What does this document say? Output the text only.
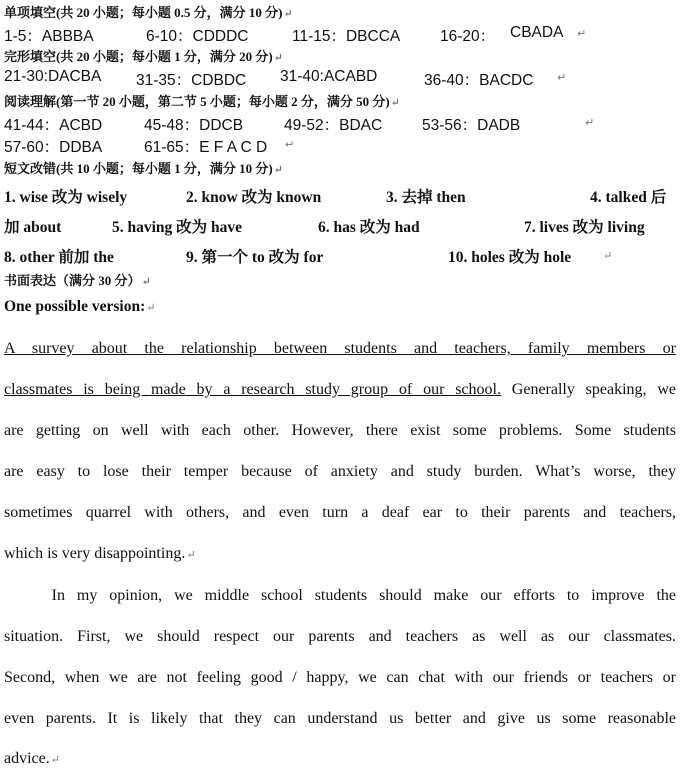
单项填空(共 20 小题；每小题 0.5 分，满分 10 分)↵
1-5：ABBBA	6-10：CDDDC	11-15：DBCCA	16-20： CBADA ↵
完形填空(共 20 小题；每小题 1 分，满分 20 分)↵
21-30:DACBA 31-35：CDBDC 31-40:ACABD	36-40：BACDC ↵
阅读理解(第一节 20 小题，第二节 5 小题；每小题 2 分，满分 50 分)↵
41-44：ACBD	45-48：DDCB	49-52：BDAC	53-56：DADB	↵
57-60：DDBA	61-65：E F A C D ↵
短文改错(共 10 小题；每小题 1 分，满分 10 分)↵
1. wise 改为 wisely	2. know 改为 known	3. 去掉 then	4. talked 后
加 about	5. having 改为 have	6. has 改为 had	7. lives 改为 living
8. other 前加 the	9. 第一个 to 改为 for	10. holes 改为 hole	↵
书面表达（满分 30 分）↵
One possible version:↵
A survey about the relationship between students and teachers, family members or
classmates is being made by a research study group of our school. Generally speaking, we
are getting on well with each other. However, there exist some problems. Some students
are easy to lose their temper because of anxiety and study burden. What’s worse, they
sometimes quarrel with others, and even turn a deaf ear to their parents and teachers,
which is very disappointing.↵
In my opinion, we middle school students should make our efforts to improve the
situation. First, we should respect our parents and teachers as well as our classmates.
Second, when we are not feeling good / happy, we can chat with our friends or teachers or
even parents. It is likely that they can understand us better and give us some reasonable
advice.↵
